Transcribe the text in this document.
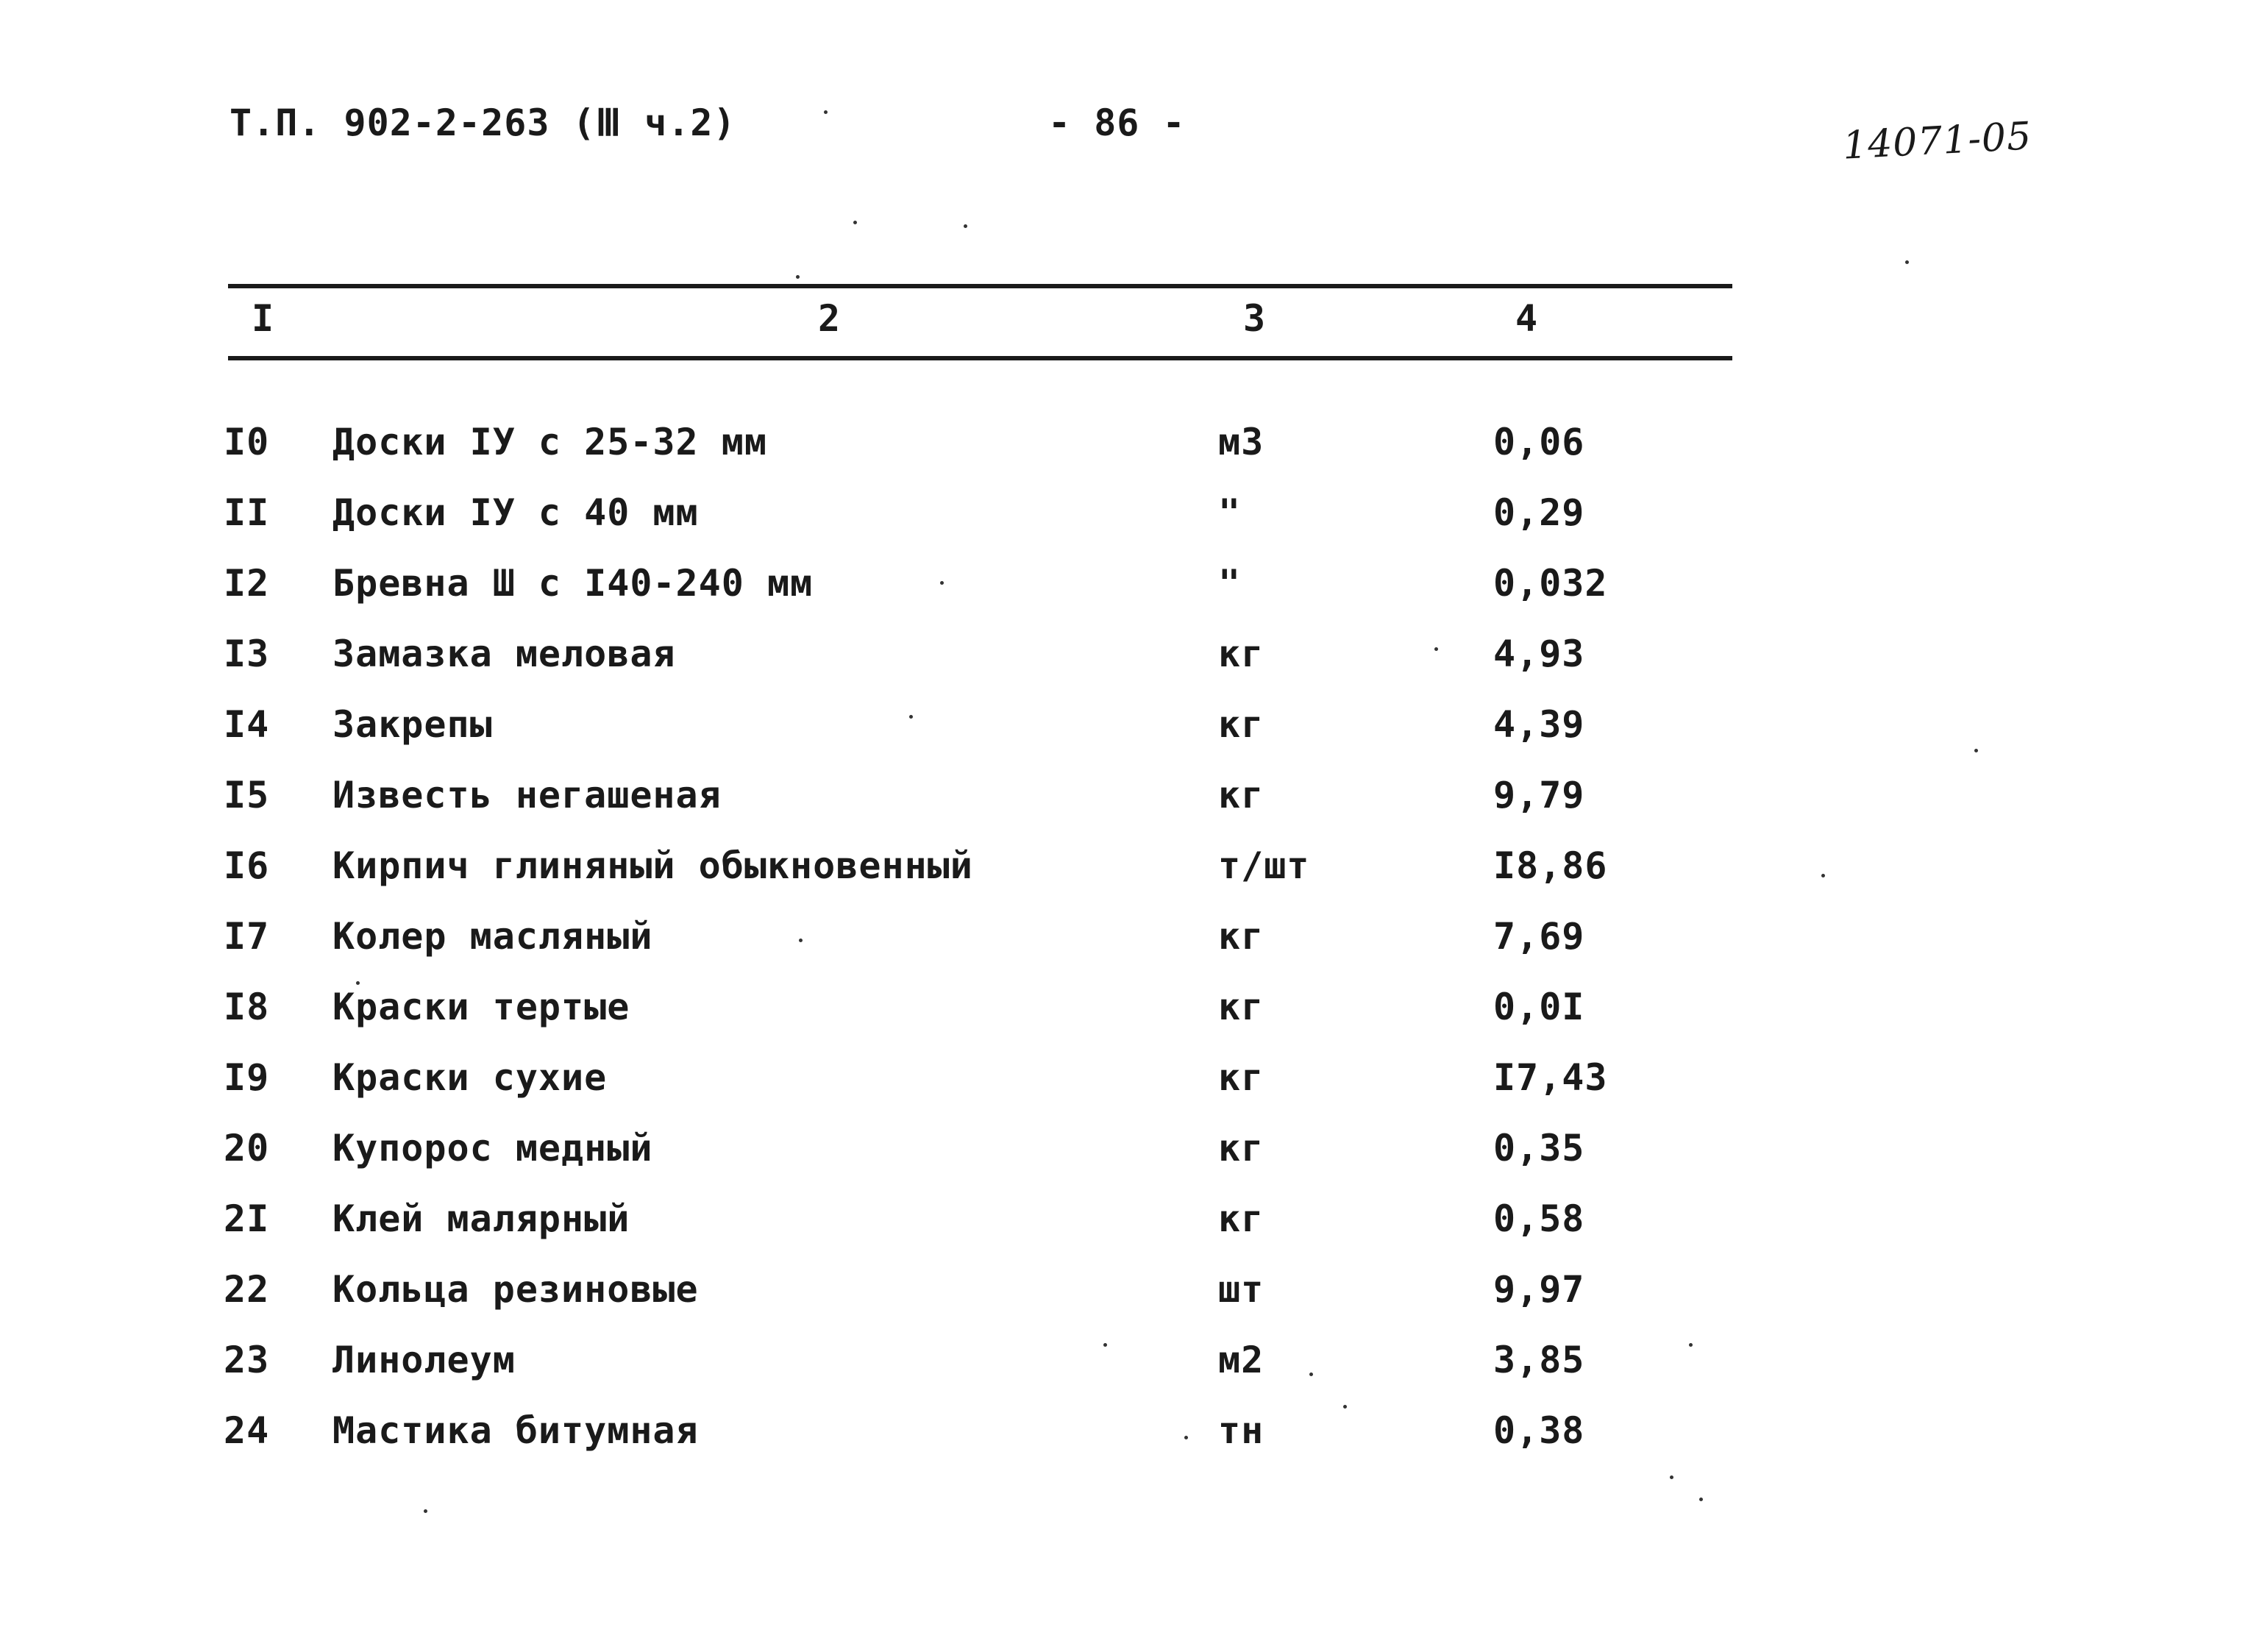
Т.П. 902-2-263 (Ⅲ ч.2)	- 86 -	14071-05
I	2	3	4
I0 Доски IУ с 25-32 мм	м3	0,06
II Доски IУ с 40 мм	"	0,29
I2 Бревна Ш с I40-240 мм	"	0,032
I3 Замазка меловая	кг	4,93
I4 Закрепы	кг	4,39
I5 Известь негашеная	кг	9,79
I6 Кирпич глиняный обыкновенный	т/шт	I8,86
I7 Колер масляный	кг	7,69
I8 Краски тертые	кг	0,0I
I9 Краски сухие	кг	I7,43
20 Купорос медный	кг	0,35
2I Клей малярный	кг	0,58
22 Кольца резиновые	шт	9,97
23 Линолеум	м2	3,85
24 Мастика битумная	тн	0,38
